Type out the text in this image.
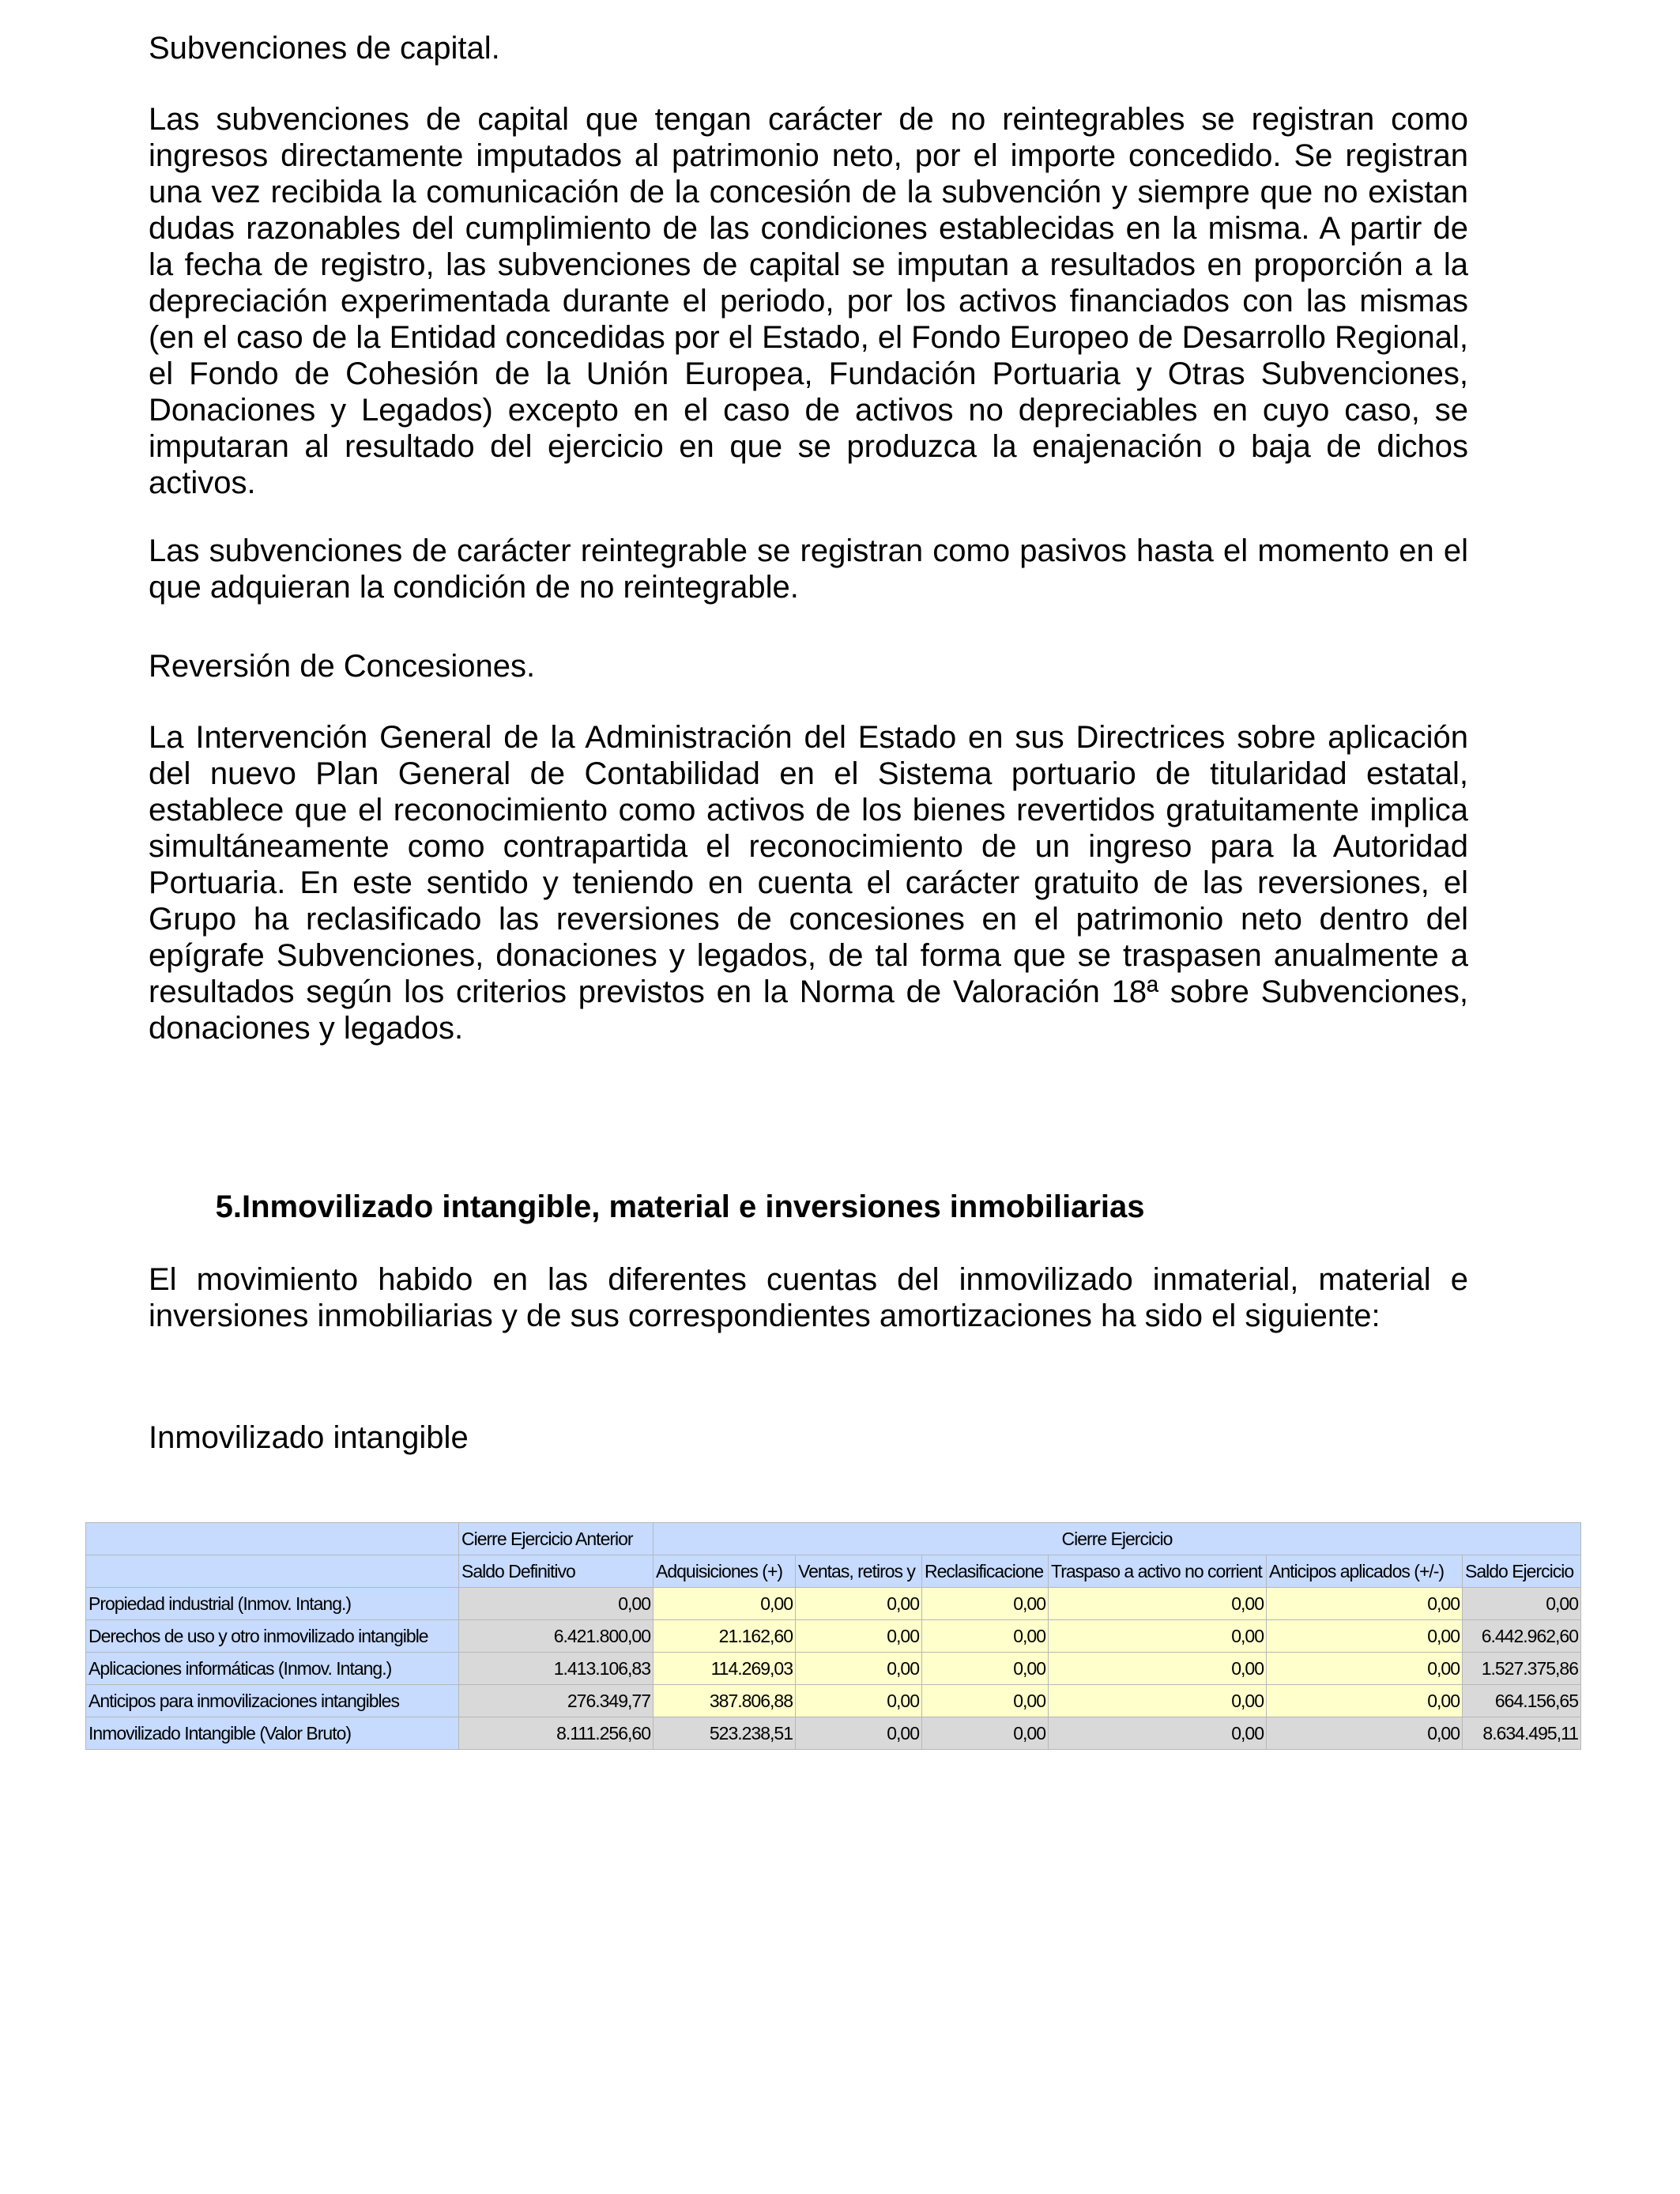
Subvenciones de capital.

Las subvenciones de capital que tengan carácter de no reintegrables se registran como ingresos directamente imputados al patrimonio neto, por el importe concedido. Se registran una vez recibida la comunicación de la concesión de la subvención y siempre que no existan dudas razonables del cumplimiento de las condiciones establecidas en la misma. A partir de la fecha de registro, las subvenciones de capital se imputan a resultados en proporción a la depreciación experimentada durante el periodo, por los activos financiados con las mismas (en el caso de la Entidad concedidas por el Estado, el Fondo Europeo de Desarrollo Regional, el Fondo de Cohesión de la Unión Europea, Fundación Portuaria y Otras Subvenciones, Donaciones y Legados) excepto en el caso de activos no depreciables en cuyo caso, se imputaran al resultado del ejercicio en que se produzca la enajenación o baja de dichos activos.

Las subvenciones de carácter reintegrable se registran como pasivos hasta el momento en el que adquieran la condición de no reintegrable.

Reversión de Concesiones.

La Intervención General de la Administración del Estado en sus Directrices sobre aplicación del nuevo Plan General de Contabilidad en el Sistema portuario de titularidad estatal, establece que el reconocimiento como activos de los bienes revertidos gratuitamente implica simultáneamente como contrapartida el reconocimiento de un ingreso para la Autoridad Portuaria. En este sentido y teniendo en cuenta el carácter gratuito de las reversiones, el Grupo ha reclasificado las reversiones de concesiones en el patrimonio neto dentro del epígrafe Subvenciones, donaciones y legados, de tal forma que se traspasen anualmente a resultados según los criterios previstos en la Norma de Valoración 18ª sobre Subvenciones, donaciones y legados.

5.Inmovilizado intangible, material e inversiones inmobiliarias

El movimiento habido en las diferentes cuentas del inmovilizado inmaterial, material e inversiones inmobiliarias y de sus correspondientes amortizaciones ha sido el siguiente:

Inmovilizado intangible

	Cierre Ejercicio Anterior	Cierre Ejercicio					
	Saldo Definitivo	Adquisiciones (+)	Ventas, retiros y	Reclasificacione	Traspaso a activo no corrient	Anticipos aplicados (+/-)	Saldo Ejercicio
Propiedad industrial (Inmov. Intang.)	0,00	0,00	0,00	0,00	0,00	0,00	0,00
Derechos de uso y otro inmovilizado intangible	6.421.800,00	21.162,60	0,00	0,00	0,00	0,00	6.442.962,60
Aplicaciones informáticas (Inmov. Intang.)	1.413.106,83	114.269,03	0,00	0,00	0,00	0,00	1.527.375,86
Anticipos para inmovilizaciones intangibles	276.349,77	387.806,88	0,00	0,00	0,00	0,00	664.156,65
Inmovilizado Intangible (Valor Bruto)	8.111.256,60	523.238,51	0,00	0,00	0,00	0,00	8.634.495,11
